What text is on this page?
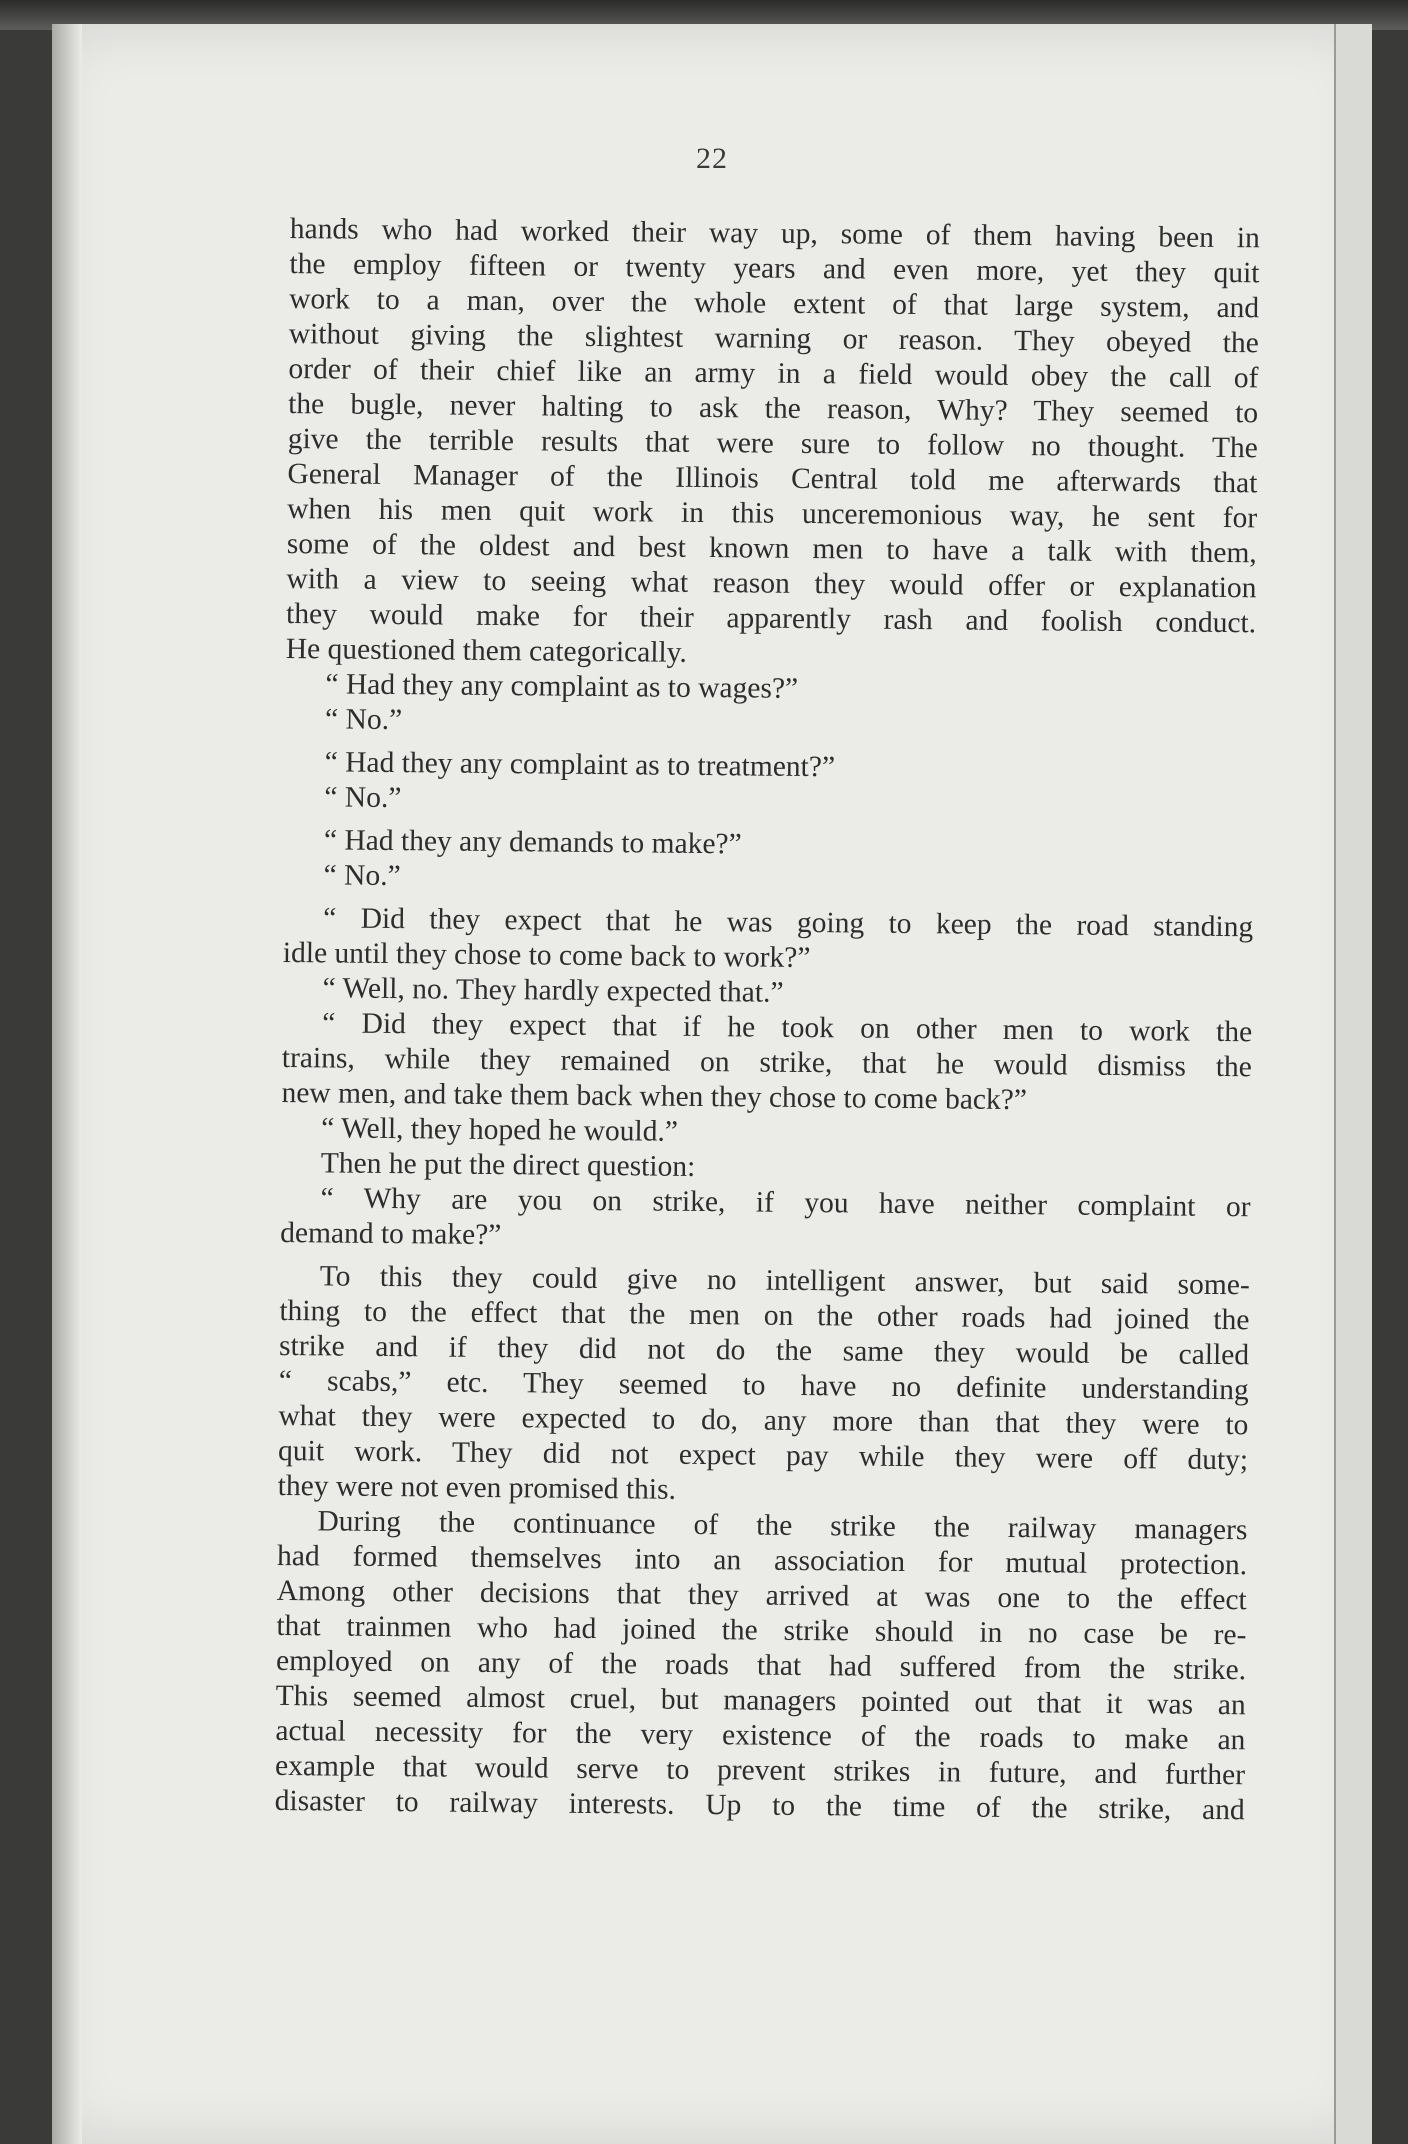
22
hands who had worked their way up, some of them having been in
the employ fifteen or twenty years and even more, yet they quit
work to a man, over the whole extent of that large system, and
without giving the slightest warning or reason. They obeyed the
order of their chief like an army in a field would obey the call of
the bugle, never halting to ask the reason, Why? They seemed to
give the terrible results that were sure to follow no thought. The
General Manager of the Illinois Central told me afterwards that
when his men quit work in this unceremonious way, he sent for
some of the oldest and best known men to have a talk with them,
with a view to seeing what reason they would offer or explanation
they would make for their apparently rash and foolish conduct.
He questioned them categorically.
“ Had they any complaint as to wages?”
“ No.”
“ Had they any complaint as to treatment?”
“ No.”
“ Had they any demands to make?”
“ No.”
“ Did they expect that he was going to keep the road standing
idle until they chose to come back to work?”
“ Well, no. They hardly expected that.”
“ Did they expect that if he took on other men to work the
trains, while they remained on strike, that he would dismiss the
new men, and take them back when they chose to come back?”
“ Well, they hoped he would.”
Then he put the direct question:
“ Why are you on strike, if you have neither complaint or
demand to make?”
To this they could give no intelligent answer, but said some-
thing to the effect that the men on the other roads had joined the
strike and if they did not do the same they would be called
“ scabs,” etc. They seemed to have no definite understanding
what they were expected to do, any more than that they were to
quit work. They did not expect pay while they were off duty;
they were not even promised this.
During the continuance of the strike the railway managers
had formed themselves into an association for mutual protection.
Among other decisions that they arrived at was one to the effect
that trainmen who had joined the strike should in no case be re-
employed on any of the roads that had suffered from the strike.
This seemed almost cruel, but managers pointed out that it was an
actual necessity for the very existence of the roads to make an
example that would serve to prevent strikes in future, and further
disaster to railway interests. Up to the time of the strike, and
